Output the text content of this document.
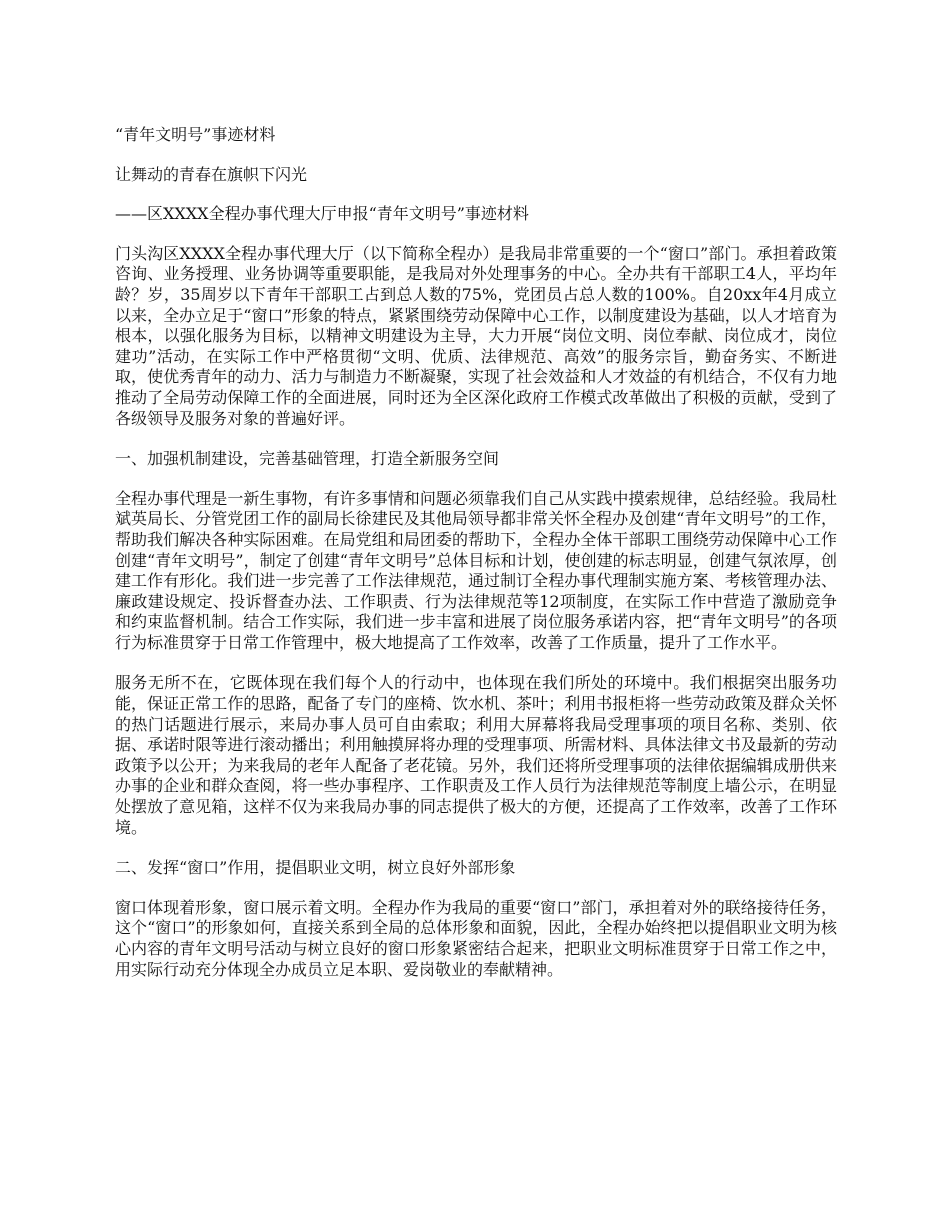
“青年文明号”事迹材料
让舞动的青春在旗帜下闪光
——区XXXX全程办事代理大厅申报“青年文明号”事迹材料
门头沟区XXXX全程办事代理大厅（以下简称全程办）是我局非常重要的一个“窗口”部门。承担着政策咨询、业务授理、业务协调等重要职能，是我局对外处理事务的中心。全办共有干部职工4人，平均年龄？岁，35周岁以下青年干部职工占到总人数的75%，党团员占总人数的100%。自20xx年4月成立以来，全办立足于“窗口”形象的特点，紧紧围绕劳动保障中心工作，以制度建设为基础，以人才培育为根本，以强化服务为目标，以精神文明建设为主导，大力开展“岗位文明、岗位奉献、岗位成才，岗位建功”活动，在实际工作中严格贯彻“文明、优质、法律规范、高效”的服务宗旨，勤奋务实、不断进取，使优秀青年的动力、活力与制造力不断凝聚，实现了社会效益和人才效益的有机结合，不仅有力地推动了全局劳动保障工作的全面进展，同时还为全区深化政府工作模式改革做出了积极的贡献，受到了各级领导及服务对象的普遍好评。
一、加强机制建设，完善基础管理，打造全新服务空间
全程办事代理是一新生事物，有许多事情和问题必须靠我们自己从实践中摸索规律，总结经验。我局杜斌英局长、分管党团工作的副局长徐建民及其他局领导都非常关怀全程办及创建“青年文明号”的工作，帮助我们解决各种实际困难。在局党组和局团委的帮助下，全程办全体干部职工围绕劳动保障中心工作创建“青年文明号”，制定了创建“青年文明号”总体目标和计划，使创建的标志明显，创建气氛浓厚，创建工作有形化。我们进一步完善了工作法律规范，通过制订全程办事代理制实施方案、考核管理办法、廉政建设规定、投诉督查办法、工作职责、行为法律规范等12项制度，在实际工作中营造了激励竞争和约束监督机制。结合工作实际，我们进一步丰富和进展了岗位服务承诺内容，把“青年文明号”的各项行为标准贯穿于日常工作管理中，极大地提高了工作效率，改善了工作质量，提升了工作水平。
服务无所不在，它既体现在我们每个人的行动中，也体现在我们所处的环境中。我们根据突出服务功能，保证正常工作的思路，配备了专门的座椅、饮水机、茶叶；利用书报柜将一些劳动政策及群众关怀的热门话题进行展示，来局办事人员可自由索取；利用大屏幕将我局受理事项的项目名称、类别、依据、承诺时限等进行滚动播出；利用触摸屏将办理的受理事项、所需材料、具体法律文书及最新的劳动政策予以公开；为来我局的老年人配备了老花镜。另外，我们还将所受理事项的法律依据编辑成册供来办事的企业和群众查阅，将一些办事程序、工作职责及工作人员行为法律规范等制度上墙公示，在明显处摆放了意见箱，这样不仅为来我局办事的同志提供了极大的方便，还提高了工作效率，改善了工作环境。
二、发挥“窗口”作用，提倡职业文明，树立良好外部形象
窗口体现着形象，窗口展示着文明。全程办作为我局的重要“窗口”部门，承担着对外的联络接待任务，这个“窗口”的形象如何，直接关系到全局的总体形象和面貌，因此，全程办始终把以提倡职业文明为核心内容的青年文明号活动与树立良好的窗口形象紧密结合起来，把职业文明标准贯穿于日常工作之中，用实际行动充分体现全办成员立足本职、爱岗敬业的奉献精神。
